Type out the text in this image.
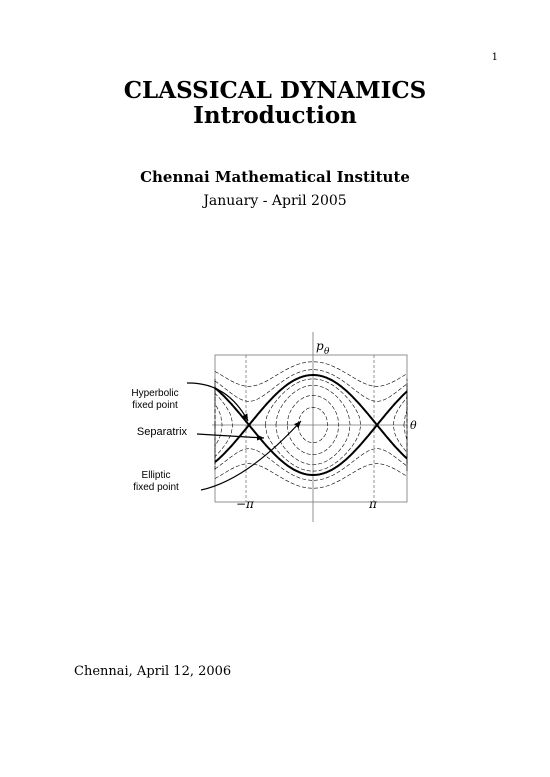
1
CLASSICAL DYNAMICS
Introduction
Chennai Mathematical Institute
January - April 2005
p θ
θ
−π	π
Hyperbolic
fixed point
Separatrix
Elliptic
fixed point
Chennai, April 12, 2006
